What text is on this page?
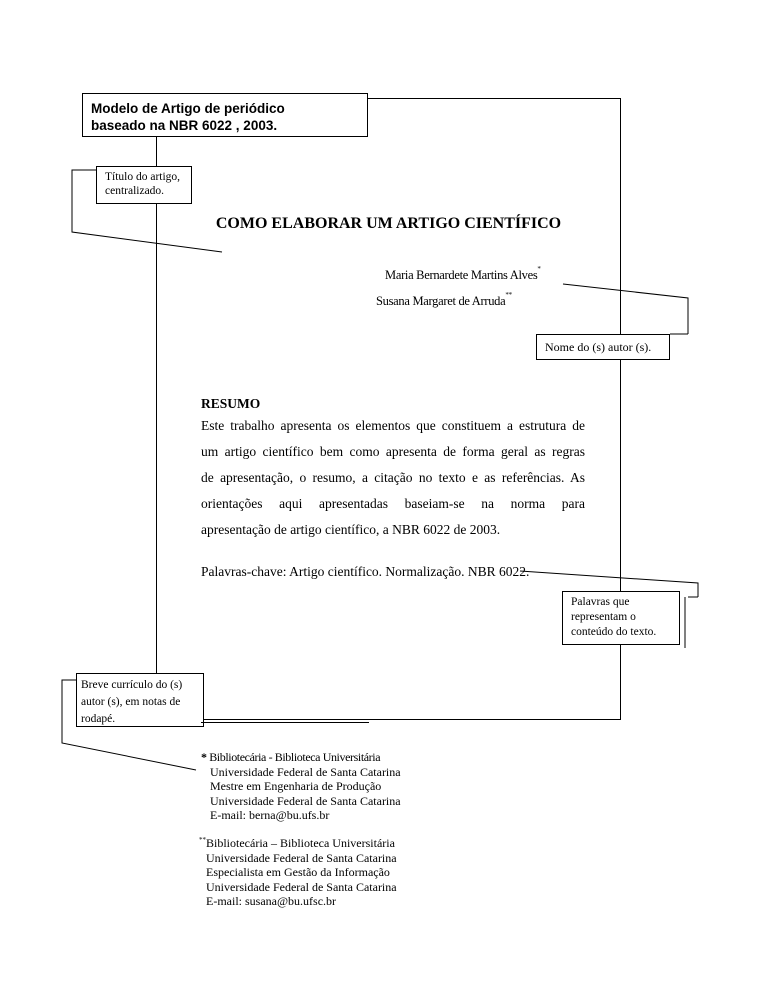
Modelo de Artigo de periódico
baseado na NBR 6022 , 2003.
Título do artigo,
centralizado.
Nome do (s) autor (s).
Palavras que
representam o
conteúdo do texto.
Breve currículo do (s)
autor (s), em notas de
rodapé.
COMO ELABORAR UM ARTIGO CIENTÍFICO
Maria Bernardete Martins Alves*
Susana Margaret de Arruda**
RESUMO
Este trabalho apresenta os elementos que constituem a estrutura de
um artigo científico bem como apresenta de forma geral as regras
de apresentação, o resumo, a citação no texto e as referências. As
orientações aqui apresentadas baseiam-se na norma para
apresentação de artigo científico, a NBR 6022 de 2003.
Palavras-chave: Artigo científico. Normalização. NBR 6022.
* Bibliotecária - Biblioteca Universitária
Universidade Federal de Santa Catarina
Mestre em Engenharia de Produção
Universidade Federal de Santa Catarina
E-mail: berna@bu.ufs.br
**Bibliotecária – Biblioteca Universitária
Universidade Federal de Santa Catarina
Especialista em Gestão da Informação
Universidade Federal de Santa Catarina
E-mail: susana@bu.ufsc.br
